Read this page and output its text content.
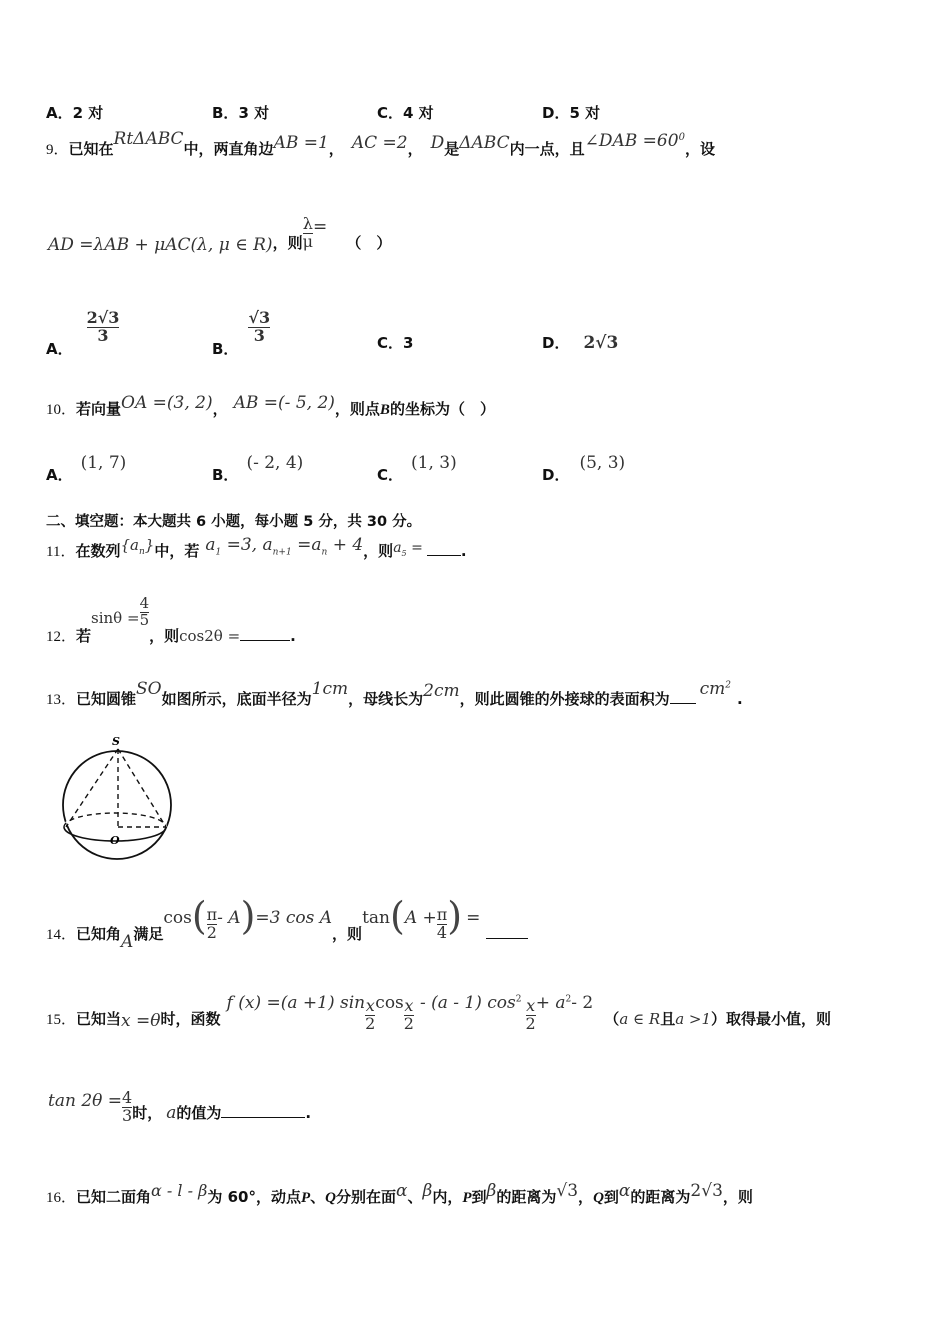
A．2 对	B．3 对	C．4 对	D．5 对
9．已知在RtΔABC中，两直角边AB =1， AC =2， D是ΔABC内一点，且∠DAB $=60^0$，设
AD =λAB + μAC(λ, μ ∈ R)，则 $\frac{\lambda}{\mu}$ = （　）
A．
$\frac{2√3}{3}$
B．
$\frac{√3}{3}$	C．3	D． 2√3
10．若向量OA =(3, 2)， AB =(- 5, 2)，则点B的坐标为（　）
A．(1, 7)
B．(- 2, 4)
C．(1, 3)
D．(5, 3)
二、填空题：本大题共 6 小题，每小题 5 分，共 30 分。
11．在数列$\{a_n\}$中，若 $a_1 =3$, $a_{n+1} =a_n + 4$，则$a_5$ =	.
12．若$\sin\theta = \frac{4}{5}$
，则cos2θ =	.
13．已知圆锥SO如图所示，底面半径为1cm，母线长为2cm，则此圆锥的外接球的表面积为 $cm^2$.
S
O
14．已知角A满足$\cos( \frac{\pi}{2} - A)=3$ cos A，则$\tan(A + \frac{\pi}{4}$ ) =
15．已知当x =θ时，函数f (x) =(a +1) $\sin \frac{x}{2}$ $\cos \frac{x}{2} - (a - 1)$ $\cos^2 \frac{x}{2} + a^2-$ 2 （a ∈ R且a >1）取得最小值，则
$\tan 2\theta = \frac{4}{3}$ 时， a的值为	.
16．已知二面角α - l - β为 60°，动点P、Q分别在面α、β内，P到β的距离为√3，Q到α的距离为2√3，则
